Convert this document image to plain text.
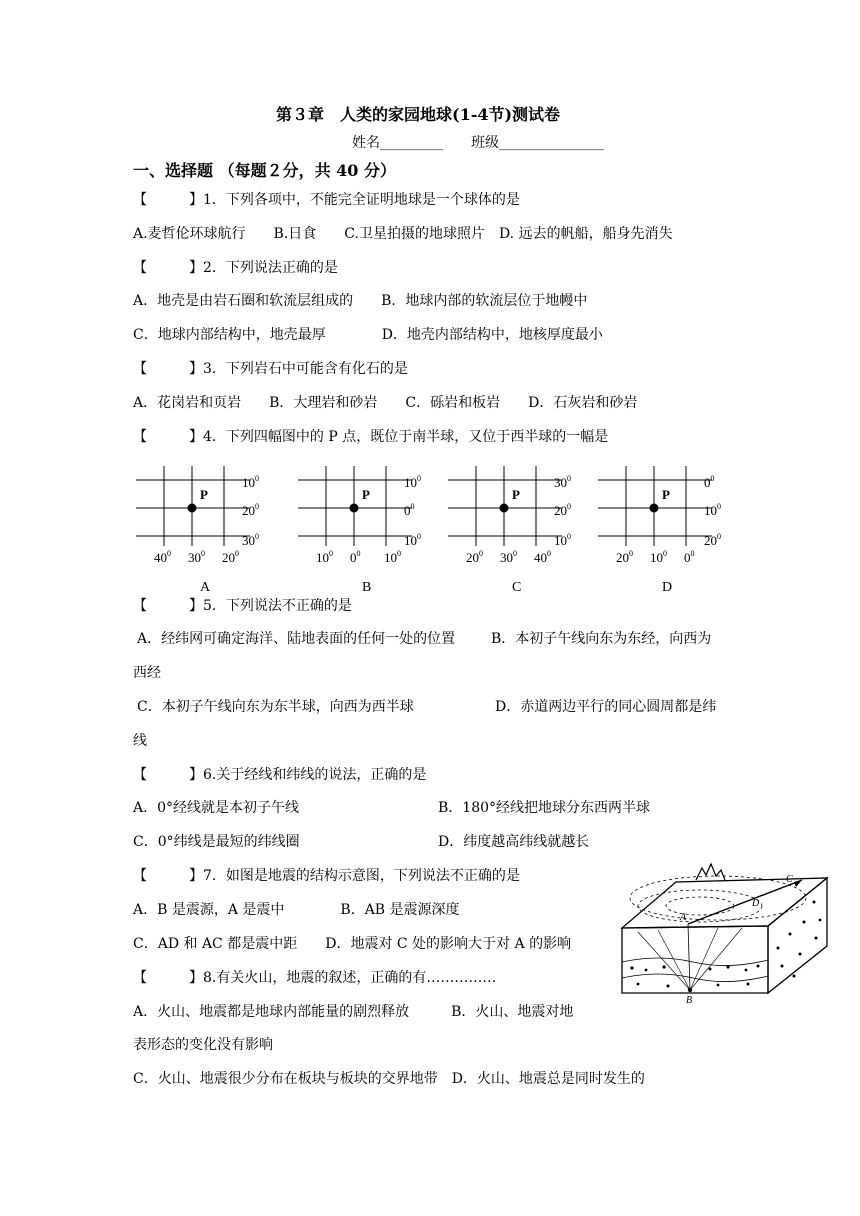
第３章　人类的家园地球(1-4节)测试卷
姓名_________　　班级_______________
一、选择题 （每题２分，共 40 分）
【　　　】1．下列各项中，不能完全证明地球是一个球体的是
A.麦哲伦环球航行　　B.日食　　C.卫星拍摄的地球照片　D. 远去的帆船，船身先消失
【　　　】2．下列说法正确的是
A．地壳是由岩石圈和软流层组成的　　B．地球内部的软流层位于地幔中
C．地球内部结构中，地壳最厚　　　　D．地壳内部结构中，地核厚度最小
【　　　】3．下列岩石中可能含有化石的是
A．花岗岩和页岩　　B．大理岩和砂岩　　C．砾岩和板岩　　D．石灰岩和砂岩
【　　　】4．下列四幅图中的 P 点，既位于南半球，又位于西半球的一幅是
P
$10^0$
$20^0$
$30^0$
$40^0$ $30^0$ $20^0$
A
P
$10^0$
$0^0$
$10^0$
$10^0$ $0^0$ $10^0$
B
P
$30^0$
$20^0$
$10^0$
$20^0$ $30^0$ $40^0$
C
P
$0^0$
$10^0$
$20^0$
$20^0$ $10^0$ $0^0$
D
【　　　】5．下列说法不正确的是
A．经纬网可确定海洋、陆地表面的任何一处的位置	B．本初子午线向东为东经，向西为
西经
C．本初子午线向东为东半球，向西为西半球	D．赤道两边平行的同心圆周都是纬
线
【　　　】6.关于经线和纬线的说法，正确的是
A．0°经线就是本初子午线	B．180°经线把地球分东西两半球
C．0°纬线是最短的纬线圈	D．纬度越高纬线就越长
【　　　】7．如图是地震的结构示意图，下列说法不正确的是
A．B 是震源，A 是震中　　　　B．AB 是震源深度
C．AD 和 AC 都是震中距　　D．地震对 C 处的影响大于对 A 的影响
A
B
C
D
【　　　】8.有关火山，地震的叙述，正确的有……………
A．火山、地震都是地球内部能量的剧烈释放　　　B．火山、地震对地
表形态的变化没有影响
C．火山、地震很少分布在板块与板块的交界地带　D．火山、地震总是同时发生的
